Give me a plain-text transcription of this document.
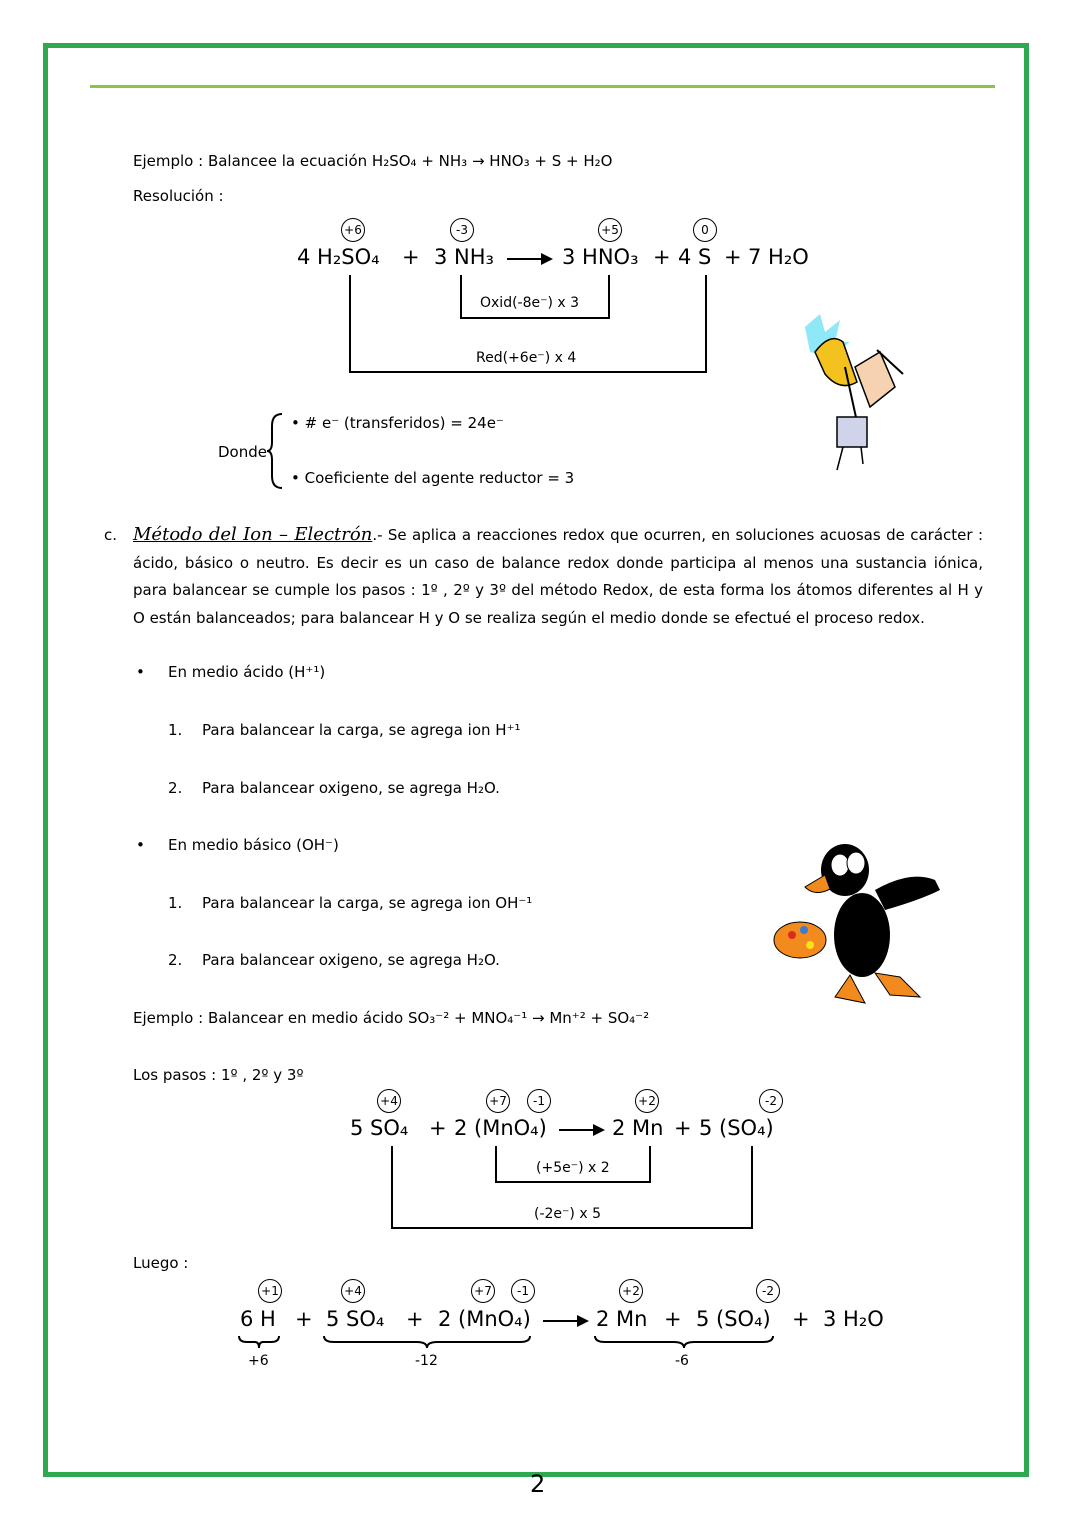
Ejemplo : Balancee la ecuación H₂SO₄ + NH₃ → HNO₃ + S + H₂O
Resolución :
+6	-3	+5	0
4 H₂SO₄ + 3 NH₃ → 3 HNO₃ + 4 S + 7 H₂O
Oxid(-8e⁻) x 3
Red(+6e⁻) x 4
Donde
• # e⁻ (transferidos) = 24e⁻
• Coeficiente del agente reductor = 3
c. Método del Ion – Electrón.- Se aplica a reacciones redox que ocurren, en soluciones acuosas de carácter : ácido, básico o neutro. Es decir es un caso de balance redox donde participa al menos una sustancia iónica, para balancear se cumple los pasos : 1º , 2º y 3º del método Redox, de esta forma los átomos diferentes al H y O están balanceados; para balancear H y O se realiza según el medio donde se efectué el proceso redox.
• En medio ácido (H⁺¹)
1. Para balancear la carga, se agrega ion H⁺¹
2. Para balancear oxigeno, se agrega H₂O.
• En medio básico (OH⁻)
1. Para balancear la carga, se agrega ion OH⁻¹
2. Para balancear oxigeno, se agrega H₂O.
Ejemplo : Balancear en medio ácido SO₃⁻² + MNO₄⁻¹ → Mn⁺² + SO₄⁻²
Los pasos : 1º , 2º y 3º
+4	+7	-1	+2	-2
5 SO₄ + 2 (MnO₄) → 2 Mn + 5 (SO₄)
(+5e⁻) x 2
(-2e⁻) x 5
Luego :
+1	+4	+7	-1	+2	-2
6 H + 5 SO₄ + 2 (MnO₄) → 2 Mn + 5 (SO₄) + 3 H₂O
+6	-12	-6
2
